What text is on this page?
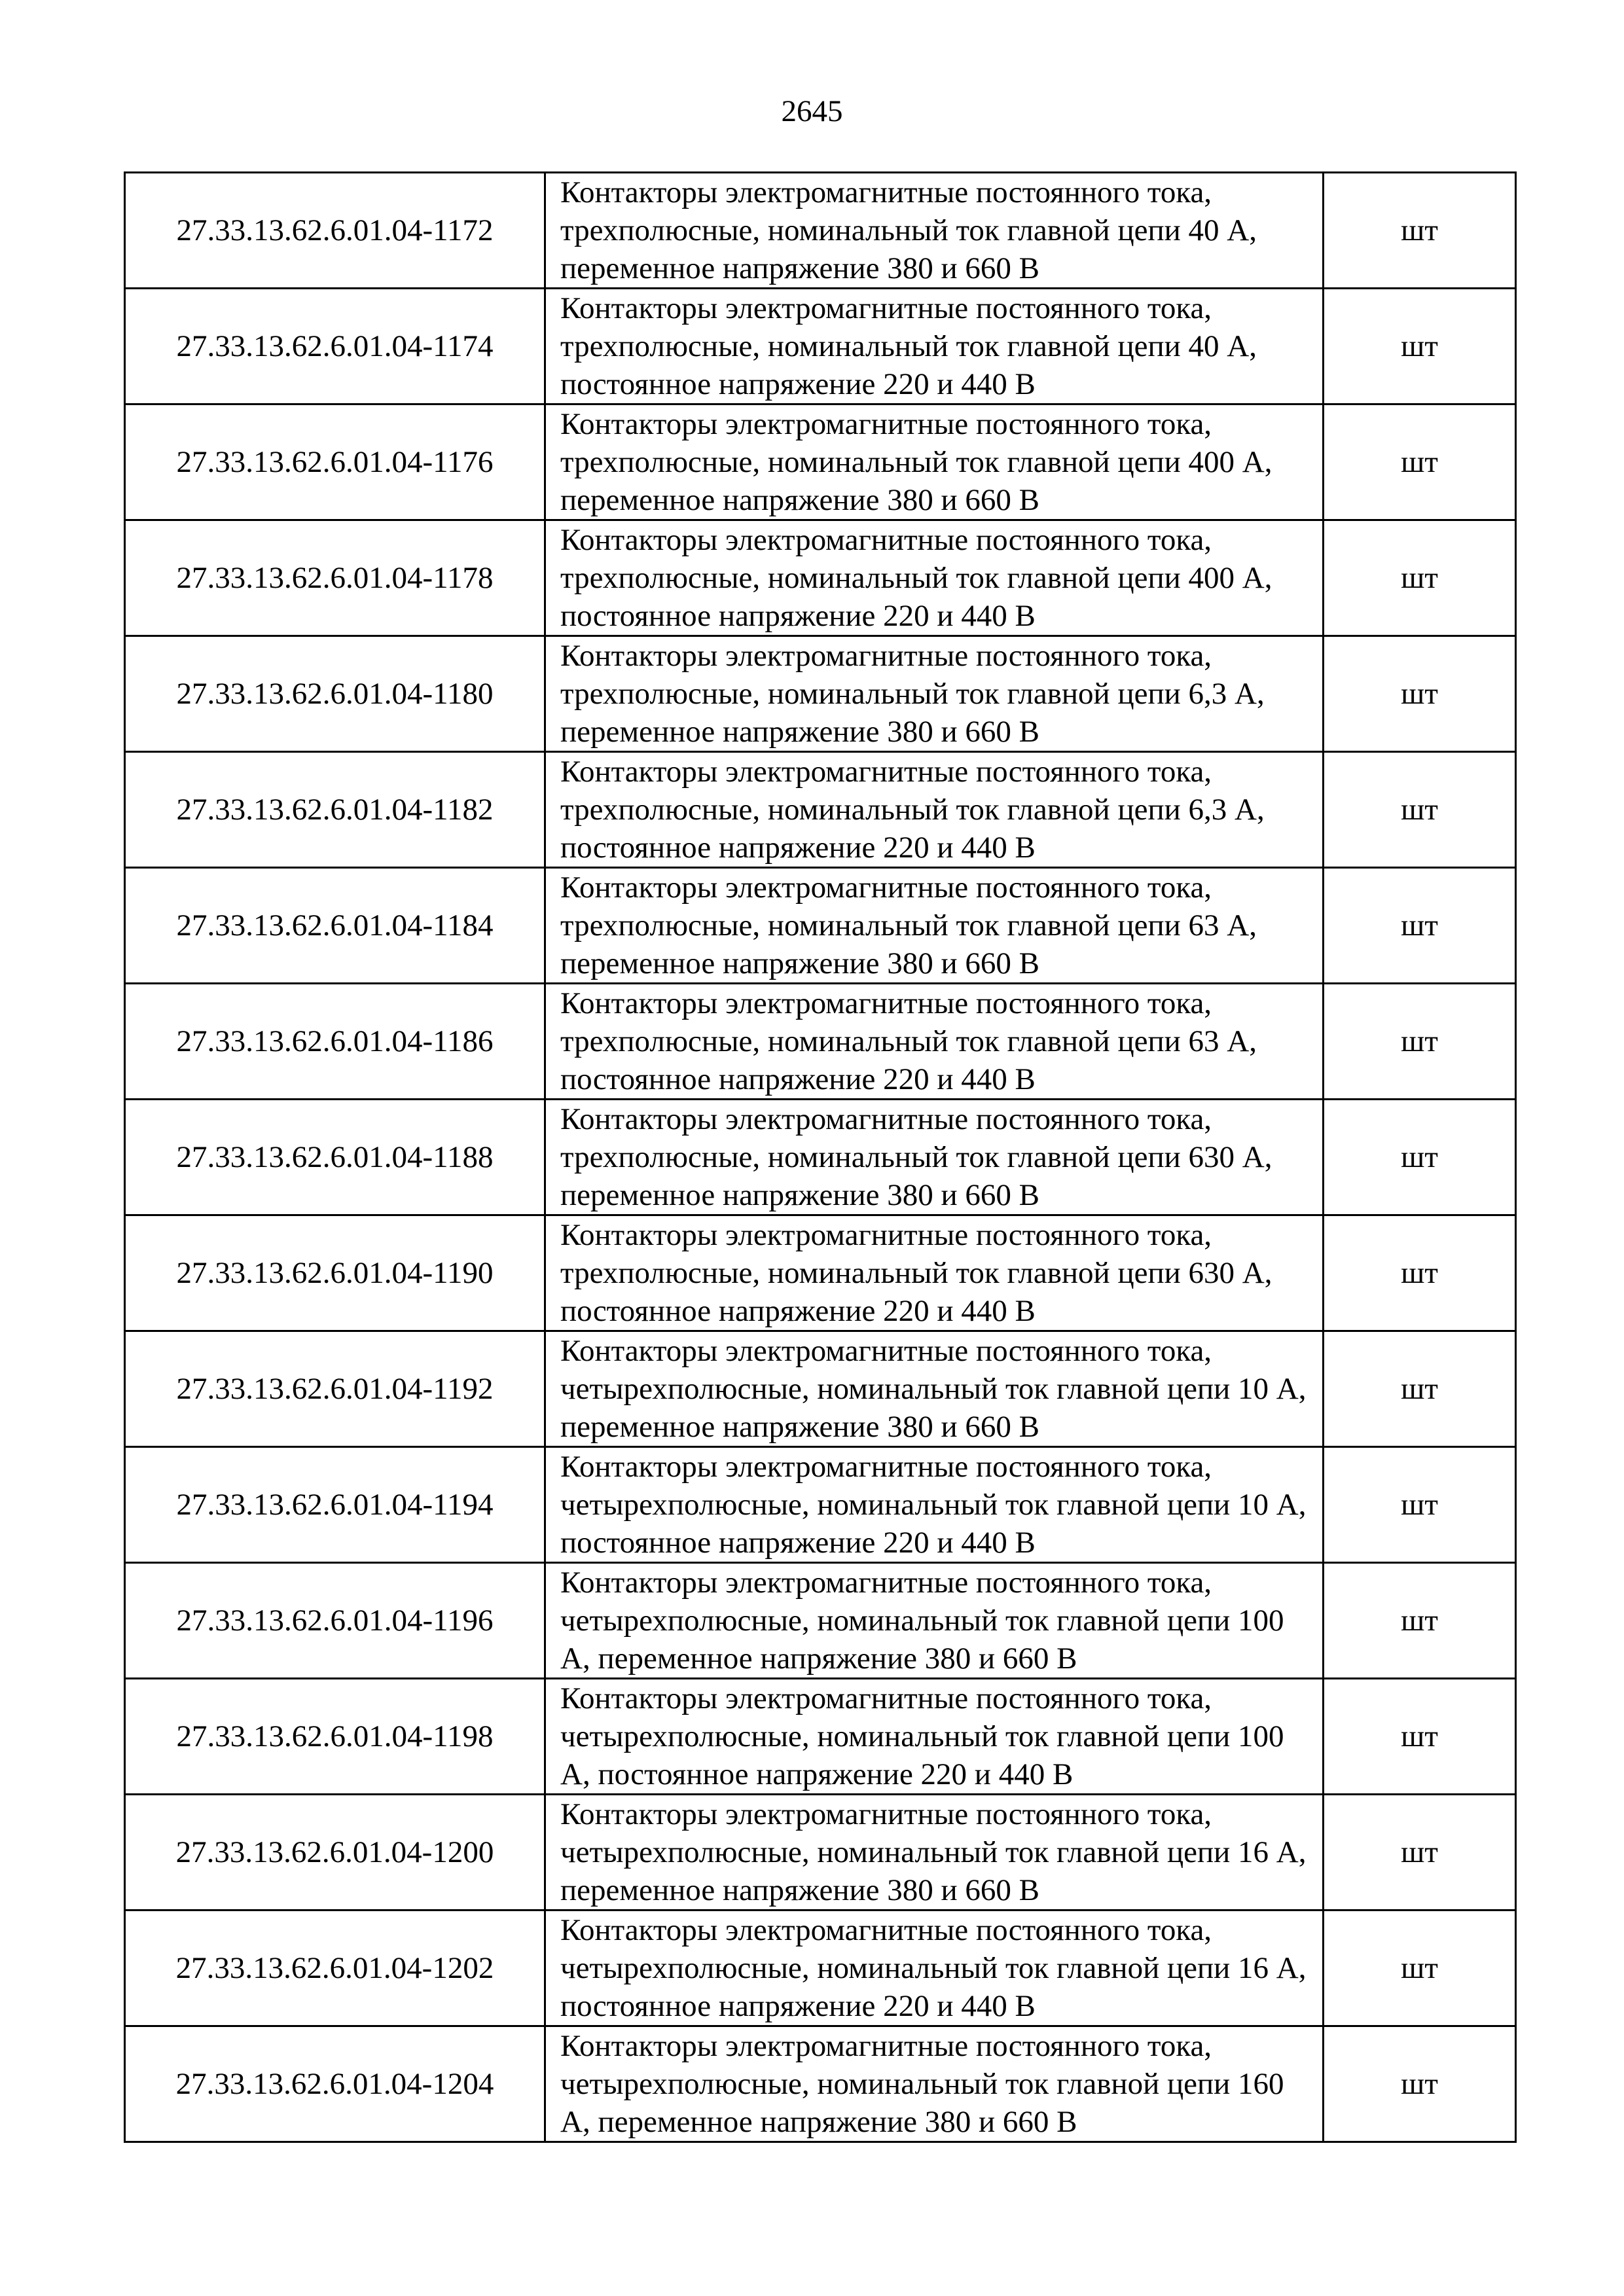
2645
27.33.13.62.6.01.04-1172	Контакторы электромагнитные постоянного тока, трехполюсные, номинальный ток главной цепи 40 А, переменное напряжение 380 и 660 В	шт
27.33.13.62.6.01.04-1174	Контакторы электромагнитные постоянного тока, трехполюсные, номинальный ток главной цепи 40 А, постоянное напряжение 220 и 440 В	шт
27.33.13.62.6.01.04-1176	Контакторы электромагнитные постоянного тока, трехполюсные, номинальный ток главной цепи 400 А, переменное напряжение 380 и 660 В	шт
27.33.13.62.6.01.04-1178	Контакторы электромагнитные постоянного тока, трехполюсные, номинальный ток главной цепи 400 А, постоянное напряжение 220 и 440 В	шт
27.33.13.62.6.01.04-1180	Контакторы электромагнитные постоянного тока, трехполюсные, номинальный ток главной цепи 6,3 А, переменное напряжение 380 и 660 В	шт
27.33.13.62.6.01.04-1182	Контакторы электромагнитные постоянного тока, трехполюсные, номинальный ток главной цепи 6,3 А, постоянное напряжение 220 и 440 В	шт
27.33.13.62.6.01.04-1184	Контакторы электромагнитные постоянного тока, трехполюсные, номинальный ток главной цепи 63 А, переменное напряжение 380 и 660 В	шт
27.33.13.62.6.01.04-1186	Контакторы электромагнитные постоянного тока, трехполюсные, номинальный ток главной цепи 63 А, постоянное напряжение 220 и 440 В	шт
27.33.13.62.6.01.04-1188	Контакторы электромагнитные постоянного тока, трехполюсные, номинальный ток главной цепи 630 А, переменное напряжение 380 и 660 В	шт
27.33.13.62.6.01.04-1190	Контакторы электромагнитные постоянного тока, трехполюсные, номинальный ток главной цепи 630 А, постоянное напряжение 220 и 440 В	шт
27.33.13.62.6.01.04-1192	Контакторы электромагнитные постоянного тока, четырехполюсные, номинальный ток главной цепи 10 А, переменное напряжение 380 и 660 В	шт
27.33.13.62.6.01.04-1194	Контакторы электромагнитные постоянного тока, четырехполюсные, номинальный ток главной цепи 10 А, постоянное напряжение 220 и 440 В	шт
27.33.13.62.6.01.04-1196	Контакторы электромагнитные постоянного тока, четырехполюсные, номинальный ток главной цепи 100 А, переменное напряжение 380 и 660 В	шт
27.33.13.62.6.01.04-1198	Контакторы электромагнитные постоянного тока, четырехполюсные, номинальный ток главной цепи 100 А, постоянное напряжение 220 и 440 В	шт
27.33.13.62.6.01.04-1200	Контакторы электромагнитные постоянного тока, четырехполюсные, номинальный ток главной цепи 16 А, переменное напряжение 380 и 660 В	шт
27.33.13.62.6.01.04-1202	Контакторы электромагнитные постоянного тока, четырехполюсные, номинальный ток главной цепи 16 А, постоянное напряжение 220 и 440 В	шт
27.33.13.62.6.01.04-1204	Контакторы электромагнитные постоянного тока, четырехполюсные, номинальный ток главной цепи 160 А, переменное напряжение 380 и 660 В	шт
